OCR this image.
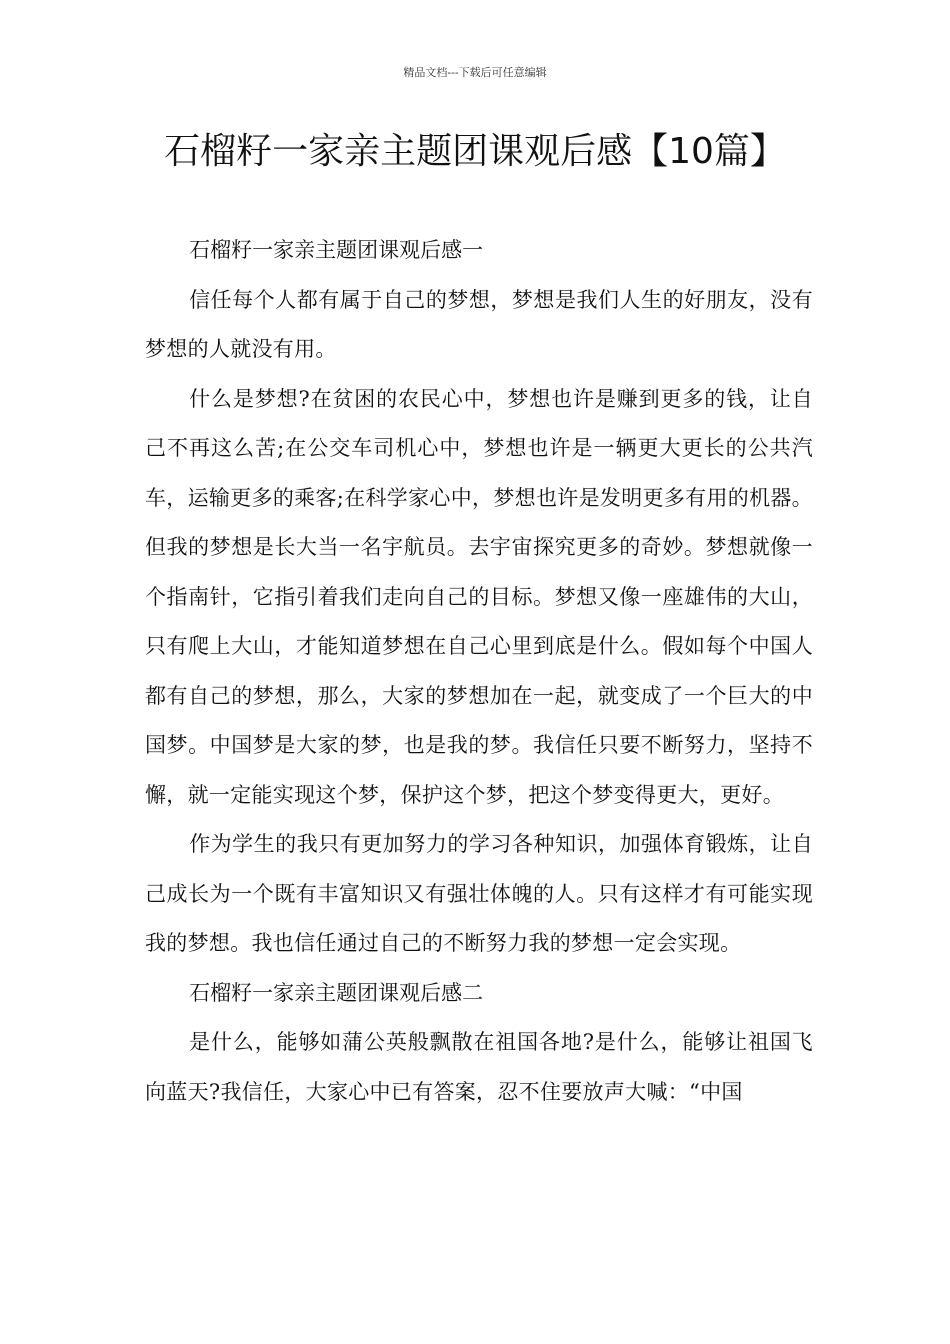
精品文档---下载后可任意编辑
石榴籽一家亲主题团课观后感【10篇】

石榴籽一家亲主题团课观后感一

信任每个人都有属于自己的梦想，梦想是我们人生的好朋友，没有梦想的人就没有用。

什么是梦想?在贫困的农民心中，梦想也许是赚到更多的钱，让自己不再这么苦;在公交车司机心中，梦想也许是一辆更大更长的公共汽车，运输更多的乘客;在科学家心中，梦想也许是发明更多有用的机器。但我的梦想是长大当一名宇航员。去宇宙探究更多的奇妙。梦想就像一个指南针，它指引着我们走向自己的目标。梦想又像一座雄伟的大山，只有爬上大山，才能知道梦想在自己心里到底是什么。假如每个中国人都有自己的梦想，那么，大家的梦想加在一起，就变成了一个巨大的中国梦。中国梦是大家的梦，也是我的梦。我信任只要不断努力，坚持不懈，就一定能实现这个梦，保护这个梦，把这个梦变得更大，更好。

作为学生的我只有更加努力的学习各种知识，加强体育锻炼，让自己成长为一个既有丰富知识又有强壮体魄的人。只有这样才有可能实现我的梦想。我也信任通过自己的不断努力我的梦想一定会实现。

石榴籽一家亲主题团课观后感二

是什么，能够如蒲公英般飘散在祖国各地?是什么，能够让祖国飞向蓝天?我信任，大家心中已有答案，忍不住要放声大喊：“中国
